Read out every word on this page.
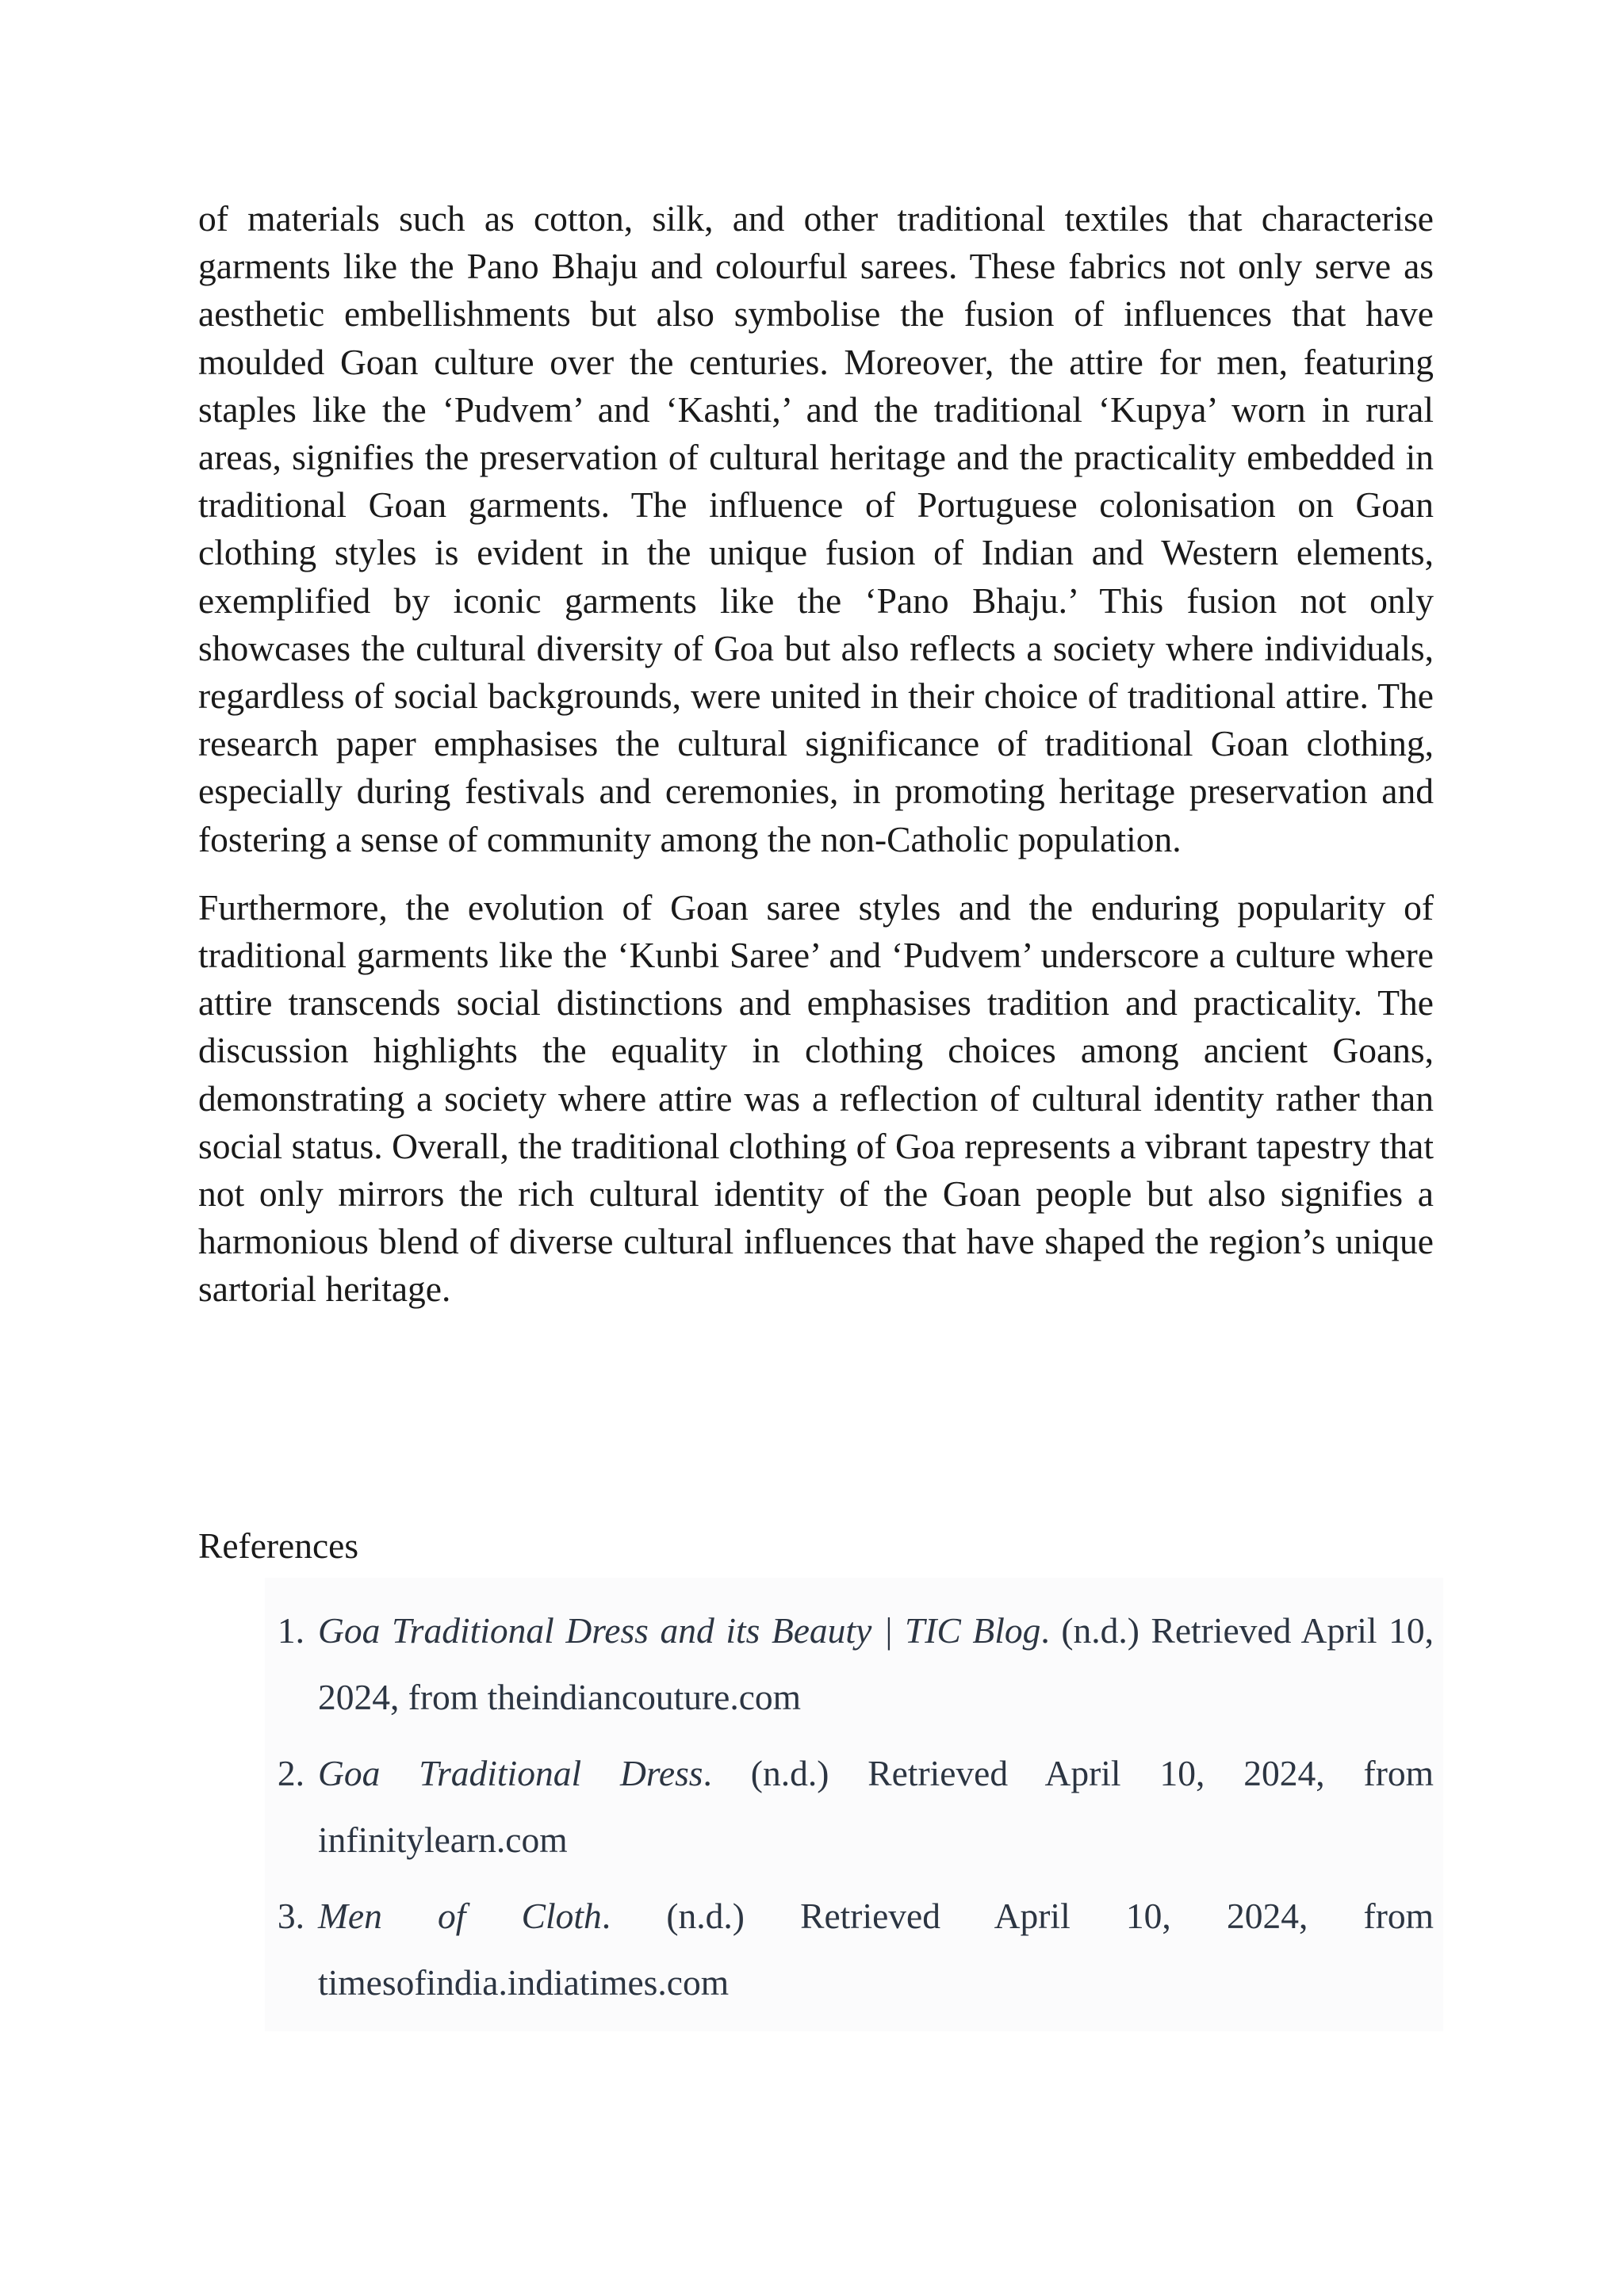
of materials such as cotton, silk, and other traditional textiles that characterise garments like the Pano Bhaju and colourful sarees. These fabrics not only serve as aesthetic embellishments but also symbolise the fusion of influences that have moulded Goan culture over the centuries. Moreover, the attire for men, featuring staples like the ‘Pudvem’ and ‘Kashti,’ and the traditional ‘Kupya’ worn in rural areas, signifies the preservation of cultural heritage and the practicality embedded in traditional Goan garments. The influence of Portuguese colonisation on Goan clothing styles is evident in the unique fusion of Indian and Western elements, exemplified by iconic garments like the ‘Pano Bhaju.’ This fusion not only showcases the cultural diversity of Goa but also reflects a society where individuals, regardless of social backgrounds, were united in their choice of traditional attire. The research paper emphasises the cultural significance of traditional Goan clothing, especially during festivals and ceremonies, in promoting heritage preservation and fostering a sense of community among the non-Catholic population.

Furthermore, the evolution of Goan saree styles and the enduring popularity of traditional garments like the ‘Kunbi Saree’ and ‘Pudvem’ underscore a culture where attire transcends social distinctions and emphasises tradition and practicality. The discussion highlights the equality in clothing choices among ancient Goans, demonstrating a society where attire was a reflection of cultural identity rather than social status. Overall, the traditional clothing of Goa represents a vibrant tapestry that not only mirrors the rich cultural identity of the Goan people but also signifies a harmonious blend of diverse cultural influences that have shaped the region’s unique sartorial heritage.

References

1. Goa Traditional Dress and its Beauty | TIC Blog. (n.d.) Retrieved April 10, 2024, from theindiancouture.com
2. Goa Traditional Dress. (n.d.) Retrieved April 10, 2024, from infinitylearn.com
3. Men of Cloth. (n.d.) Retrieved April 10, 2024, from timesofindia.indiatimes.com
